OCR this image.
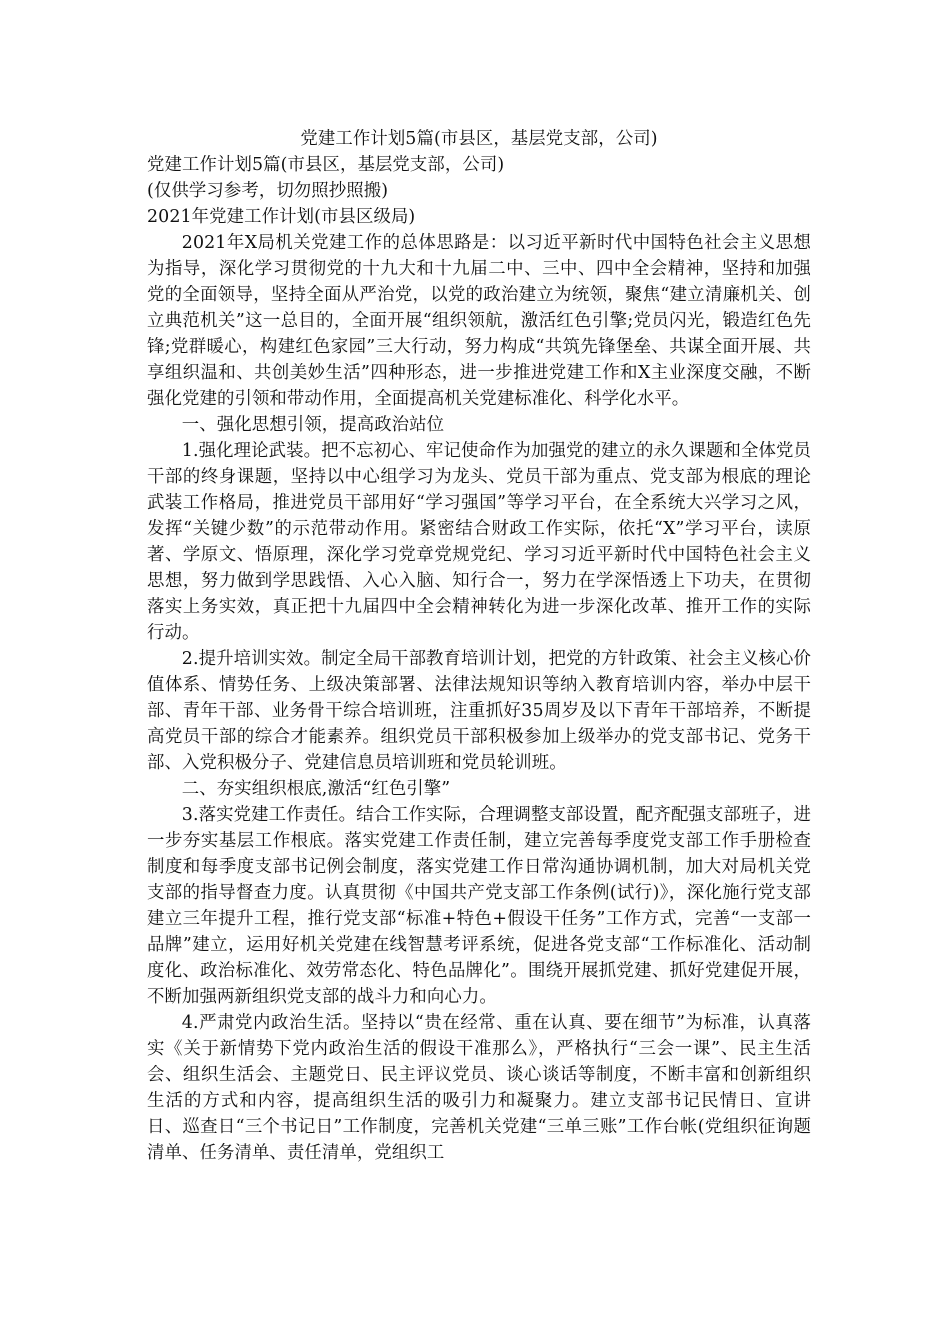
党建工作计划5篇(市县区，基层党支部，公司)

党建工作计划5篇(市县区，基层党支部，公司)

(仅供学习参考，切勿照抄照搬)

2021年党建工作计划(市县区级局)

2021年X局机关党建工作的总体思路是：以习近平新时代中国特色社会主义思想为指导，深化学习贯彻党的十九大和十九届二中、三中、四中全会精神，坚持和加强党的全面领导，坚持全面从严治党，以党的政治建立为统领，聚焦“建立清廉机关、创立典范机关”这一总目的，全面开展“组织领航，激活红色引擎;党员闪光，锻造红色先锋;党群暖心，构建红色家园”三大行动，努力构成“共筑先锋堡垒、共谋全面开展、共享组织温和、共创美妙生活”四种形态，进一步推进党建工作和X主业深度交融，不断强化党建的引领和带动作用，全面提高机关党建标准化、科学化水平。

一、强化思想引领，提高政治站位

1.强化理论武装。把不忘初心、牢记使命作为加强党的建立的永久课题和全体党员干部的终身课题，坚持以中心组学习为龙头、党员干部为重点、党支部为根底的理论武装工作格局，推进党员干部用好“学习强国”等学习平台，在全系统大兴学习之风，发挥“关键少数”的示范带动作用。紧密结合财政工作实际，依托“X”学习平台，读原著、学原文、悟原理，深化学习党章党规党纪、学习习近平新时代中国特色社会主义思想，努力做到学思践悟、入心入脑、知行合一，努力在学深悟透上下功夫，在贯彻落实上务实效，真正把十九届四中全会精神转化为进一步深化改革、推开工作的实际行动。

2.提升培训实效。制定全局干部教育培训计划，把党的方针政策、社会主义核心价值体系、情势任务、上级决策部署、法律法规知识等纳入教育培训内容，举办中层干部、青年干部、业务骨干综合培训班，注重抓好35周岁及以下青年干部培养，不断提高党员干部的综合才能素养。组织党员干部积极参加上级举办的党支部书记、党务干部、入党积极分子、党建信息员培训班和党员轮训班。

二、夯实组织根底,激活“红色引擎”

3.落实党建工作责任。结合工作实际，合理调整支部设置，配齐配强支部班子，进一步夯实基层工作根底。落实党建工作责任制，建立完善每季度党支部工作手册检查制度和每季度支部书记例会制度，落实党建工作日常沟通协调机制，加大对局机关党支部的指导督查力度。认真贯彻《中国共产党支部工作条例(试行)》，深化施行党支部建立三年提升工程，推行党支部“标准+特色+假设干任务”工作方式，完善“一支部一品牌”建立，运用好机关党建在线智慧考评系统，促进各党支部“工作标准化、活动制度化、政治标准化、效劳常态化、特色品牌化”。围绕开展抓党建、抓好党建促开展，不断加强两新组织党支部的战斗力和向心力。

4.严肃党内政治生活。坚持以“贵在经常、重在认真、要在细节”为标准，认真落实《关于新情势下党内政治生活的假设干准那么》，严格执行“三会一课”、民主生活会、组织生活会、主题党日、民主评议党员、谈心谈话等制度，不断丰富和创新组织生活的方式和内容，提高组织生活的吸引力和凝聚力。建立支部书记民情日、宣讲日、巡查日“三个书记日”工作制度，完善机关党建“三单三账”工作台帐(党组织征询题清单、任务清单、责任清单，党组织工
